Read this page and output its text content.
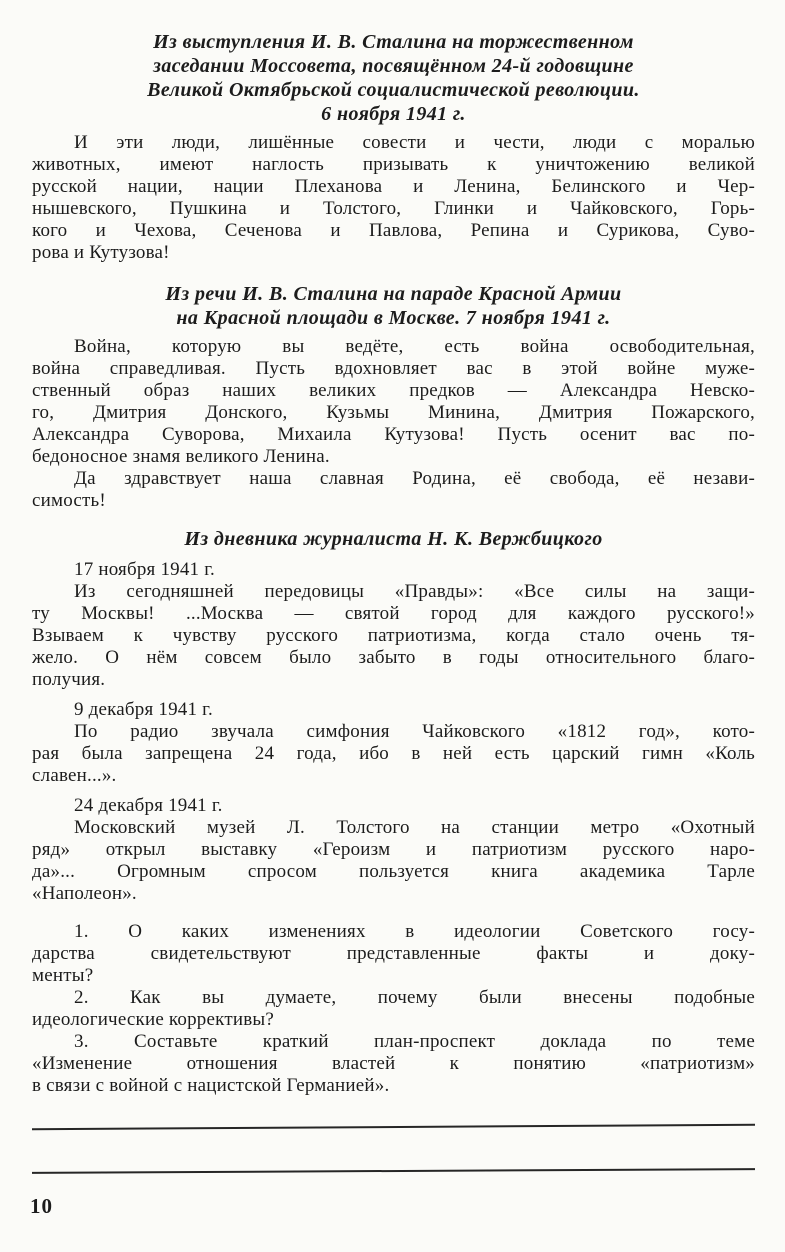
Из выступления И. В. Сталина на торжественном
заседании Моссовета, посвящённом 24-й годовщине
Великой Октябрьской социалистической революции.
6 ноября 1941 г.
И эти люди, лишённые совести и чести, люди с моралью
животных, имеют наглость призывать к уничтожению великой
русской нации, нации Плеханова и Ленина, Белинского и Чер-
нышевского, Пушкина и Толстого, Глинки и Чайковского, Горь-
кого и Чехова, Сеченова и Павлова, Репина и Сурикова, Суво-
рова и Кутузова!
Из речи И. В. Сталина на параде Красной Армии
на Красной площади в Москве. 7 ноября 1941 г.
Война, которую вы ведёте, есть война освободительная,
война справедливая. Пусть вдохновляет вас в этой войне муже-
ственный образ наших великих предков — Александра Невско-
го, Дмитрия Донского, Кузьмы Минина, Дмитрия Пожарского,
Александра Суворова, Михаила Кутузова! Пусть осенит вас по-
бедоносное знамя великого Ленина.
Да здравствует наша славная Родина, её свобода, её незави-
симость!
Из дневника журналиста Н. К. Вержбицкого
17 ноября 1941 г.
Из сегодняшней передовицы «Правды»: «Все силы на защи-
ту Москвы! ...Москва — святой город для каждого русского!»
Взываем к чувству русского патриотизма, когда стало очень тя-
жело. О нём совсем было забыто в годы относительного благо-
получия.
9 декабря 1941 г.
По радио звучала симфония Чайковского «1812 год», кото-
рая была запрещена 24 года, ибо в ней есть царский гимн «Коль
славен...».
24 декабря 1941 г.
Московский музей Л. Толстого на станции метро «Охотный
ряд» открыл выставку «Героизм и патриотизм русского наро-
да»... Огромным спросом пользуется книга академика Тарле
«Наполеон».
1. О каких изменениях в идеологии Советского госу-
дарства свидетельствуют представленные факты и доку-
менты?
2. Как вы думаете, почему были внесены подобные
идеологические коррективы?
3. Составьте краткий план-проспект доклада по теме
«Изменение отношения властей к понятию «патриотизм»
в связи с войной с нацистской Германией».
10
